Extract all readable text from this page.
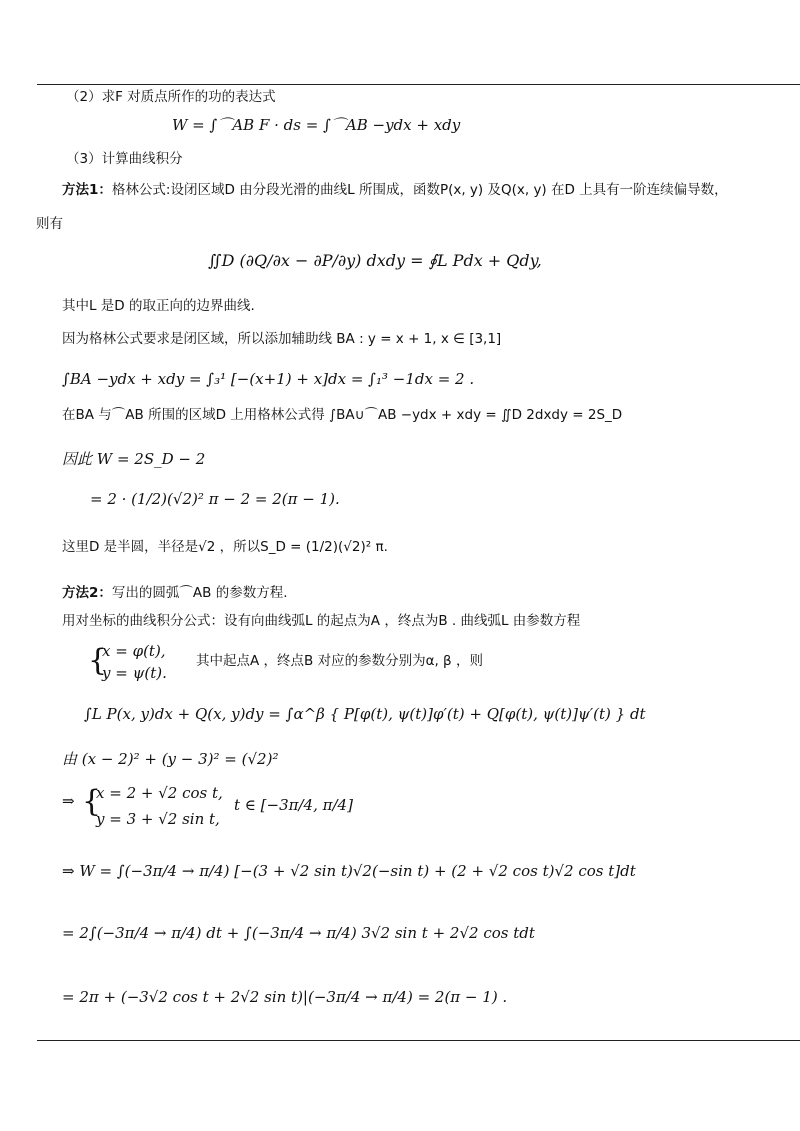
（2）求F 对质点所作的功的表达式
W = ∫⌒AB F · ds = ∫⌒AB −ydx + xdy
（3）计算曲线积分
方法1：格林公式:设闭区域D 由分段光滑的曲线L 所围成，函数P(x, y) 及Q(x, y) 在D 上具有一阶连续偏导数，
则有
∬D (∂Q/∂x − ∂P/∂y) dxdy = ∮L Pdx + Qdy,
其中L 是D 的取正向的边界曲线.
因为格林公式要求是闭区域，所以添加辅助线 BA : y = x + 1, x ∈ [3,1]
∫BA −ydx + xdy = ∫₃¹ [−(x+1) + x]dx = ∫₁³ −1dx = 2 .
在BA 与⌒AB 所围的区域D 上用格林公式得 ∫BA∪⌒AB −ydx + xdy = ∬D 2dxdy = 2S_D
因此 W = 2S_D − 2
= 2 · (1/2)(√2)² π − 2 = 2(π − 1).
这里D 是半圆，半径是√2 ，所以S_D = (1/2)(√2)² π.
方法2：写出的圆弧⌒AB 的参数方程.
用对坐标的曲线积分公式：设有向曲线弧L 的起点为A ，终点为B . 曲线弧L 由参数方程
{
x = φ(t),
y = ψ(t).
其中起点A ，终点B 对应的参数分别为α, β ，则
∫L P(x, y)dx + Q(x, y)dy = ∫α^β { P[φ(t), ψ(t)]φ′(t) + Q[φ(t), ψ(t)]ψ′(t) } dt
由 (x − 2)² + (y − 3)² = (√2)²
⇒ {
x = 2 + √2 cos t,
y = 3 + √2 sin t,
t ∈ [−3π/4, π/4]
⇒ W = ∫(−3π/4 → π/4) [−(3 + √2 sin t)√2(−sin t) + (2 + √2 cos t)√2 cos t]dt
= 2∫(−3π/4 → π/4) dt + ∫(−3π/4 → π/4) 3√2 sin t + 2√2 cos tdt
= 2π + (−3√2 cos t + 2√2 sin t)|(−3π/4 → π/4) = 2(π − 1) .
